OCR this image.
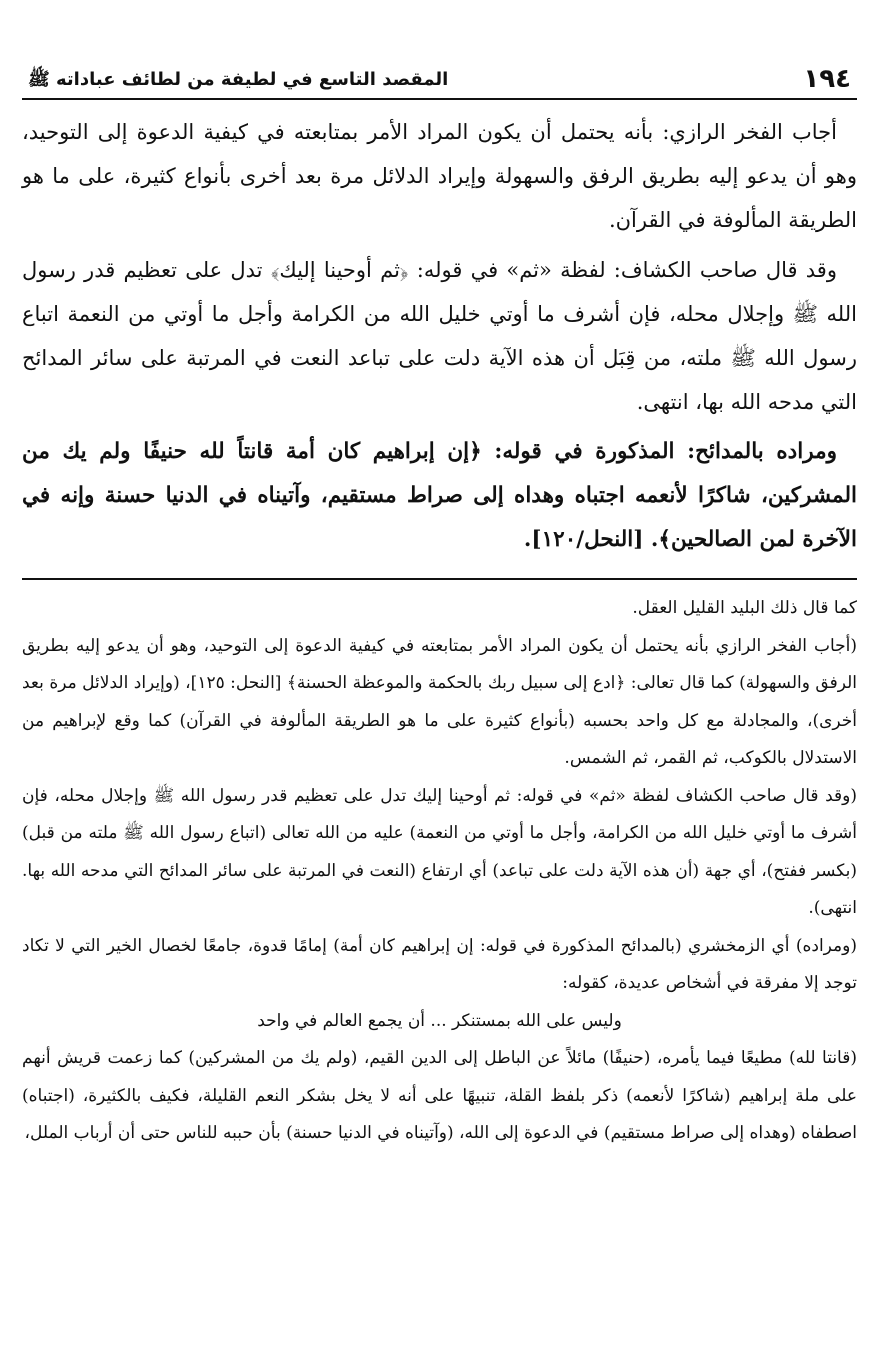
١٩٤
المقصد التاسع في لطيفة من لطائف عباداته ﷺ

أجاب الفخر الرازي: بأنه يحتمل أن يكون المراد الأمر بمتابعته في كيفية الدعوة إلى التوحيد، وهو أن يدعو إليه بطريق الرفق والسهولة وإيراد الدلائل مرة بعد أخرى بأنواع كثيرة، على ما هو الطريقة المألوفة في القرآن.

وقد قال صاحب الكشاف: لفظة «ثم» في قوله: ﴿ثم أوحينا إليك﴾ تدل على تعظيم قدر رسول الله ﷺ وإجلال محله، فإن أشرف ما أوتي خليل الله من الكرامة وأجل ما أوتي من النعمة اتباع رسول الله ﷺ ملته، من قِبَل أن هذه الآية دلت على تباعد النعت في المرتبة على سائر المدائح التي مدحه الله بها، انتهى.

ومراده بالمدائح: المذكورة في قوله: ﴿إن إبراهيم كان أمة قانتاً لله حنيفًا ولم يك من المشركين، شاكرًا لأنعمه اجتباه وهداه إلى صراط مستقيم، وآتيناه في الدنيا حسنة وإنه في الآخرة لمن الصالحين﴾. [النحل/١٢٠].

كما قال ذلك البليد القليل العقل.

(أجاب الفخر الرازي بأنه يحتمل أن يكون المراد الأمر بمتابعته في كيفية الدعوة إلى التوحيد، وهو أن يدعو إليه بطريق الرفق والسهولة) كما قال تعالى: ﴿ادع إلى سبيل ربك بالحكمة والموعظة الحسنة﴾ [النحل: ١٢٥]، (وإيراد الدلائل مرة بعد أخرى)، والمجادلة مع كل واحد بحسبه (بأنواع كثيرة على ما هو الطريقة المألوفة في القرآن) كما وقع لإبراهيم من الاستدلال بالكوكب، ثم القمر، ثم الشمس.

(وقد قال صاحب الكشاف لفظة «ثم» في قوله: ثم أوحينا إليك تدل على تعظيم قدر رسول الله ﷺ وإجلال محله، فإن أشرف ما أوتي خليل الله من الكرامة، وأجل ما أوتي من النعمة) عليه من الله تعالى (اتباع رسول الله ﷺ ملته من قبل) (بكسر ففتح)، أي جهة (أن هذه الآية دلت على تباعد) أي ارتفاع (النعت في المرتبة على سائر المدائح التي مدحه الله بها. انتهى).

(ومراده) أي الزمخشري (بالمدائح المذكورة في قوله: إن إبراهيم كان أمة) إمامًا قدوة، جامعًا لخصال الخير التي لا تكاد توجد إلا مفرقة في أشخاص عديدة، كقوله:

وليس على الله بمستنكر ... أن يجمع العالم في واحد

(قانتا لله) مطيعًا فيما يأمره، (حنيفًا) مائلاً عن الباطل إلى الدين القيم، (ولم يك من المشركين) كما زعمت قريش أنهم على ملة إبراهيم (شاكرًا لأنعمه) ذكر بلفظ القلة، تنبيهًا على أنه لا يخل بشكر النعم القليلة، فكيف بالكثيرة، (اجتباه) اصطفاه (وهداه إلى صراط مستقيم) في الدعوة إلى الله، (وآتيناه في الدنيا حسنة) بأن حببه للناس حتى أن أرباب الملل،
